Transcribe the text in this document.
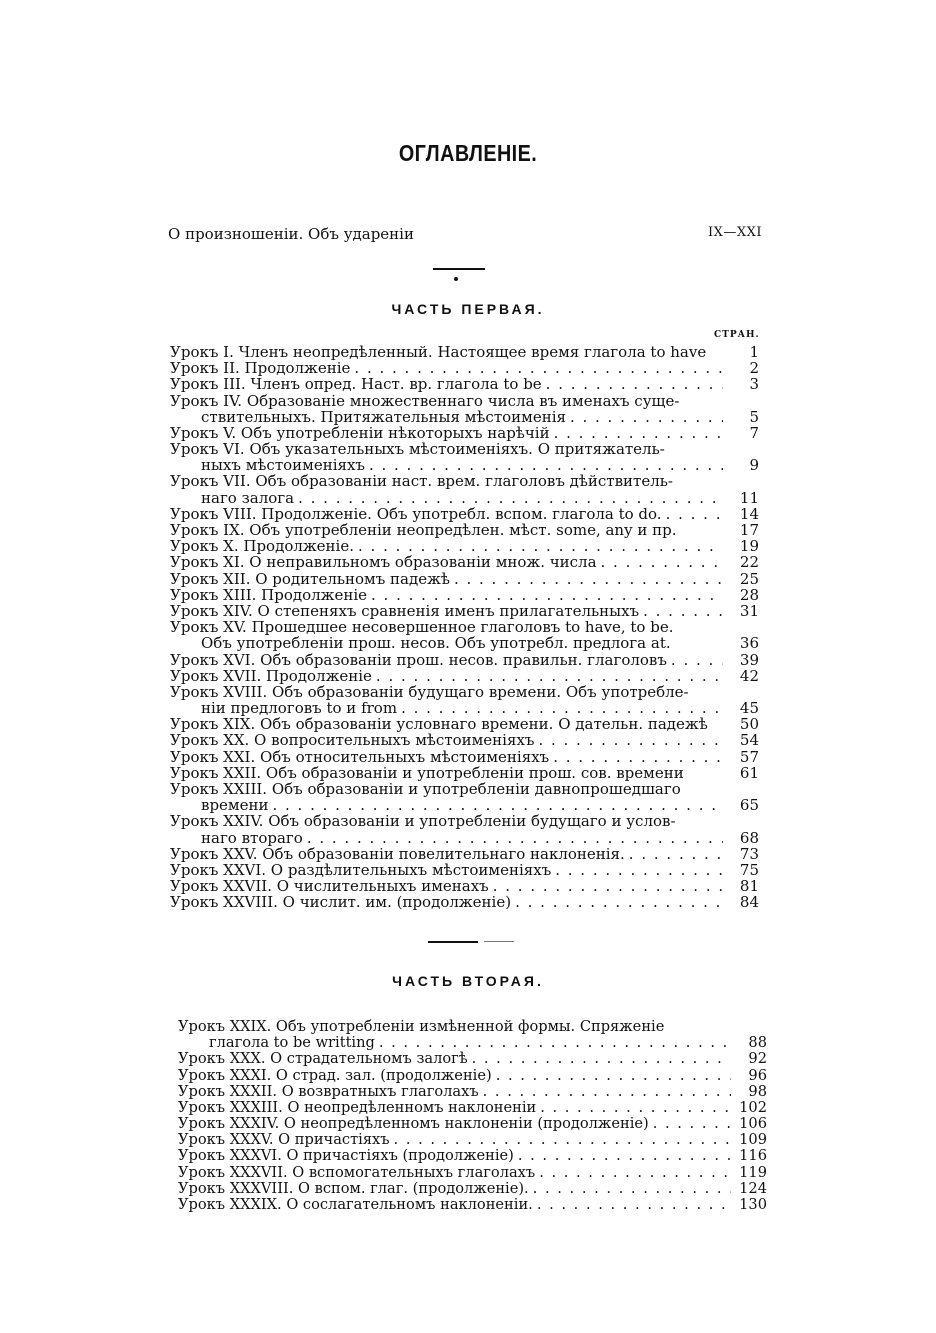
ОГЛАВЛЕНІЕ.
О произношеніи. Объ удареніи	IX—XXI
ЧАСТЬ ПЕРВАЯ.
СТРАН.
Урокъ I. Членъ неопредѣленный. Настоящее время глагола to have	1
Урокъ II. Продолженіе . . .	2
Урокъ III. Членъ опред. Наст. вр. глагола to be . . .	3
Урокъ IV. Образованіе множественнаго числа въ именахъ суще-
ствительныхъ. Притяжательныя мѣстоименія . . .	5
Урокъ V. Объ употребленіи нѣкоторыхъ нарѣчій . . .	7
Урокъ VI. Объ указательныхъ мѣстоименіяхъ. О притяжатель-
ныхъ мѣстоименіяхъ . . .	9
Урокъ VII. Объ образованіи наст. врем. глаголовъ дѣйствитель-
наго залога . . .	11
Урокъ VIII. Продолженіе. Объ употребл. вспом. глагола to do. . . .	14
Урокъ IX. Объ употребленіи неопредѣлен. мѣст. some, any и пр.	17
Урокъ X. Продолженіе. . . .	19
Урокъ XI. О неправильномъ образованіи множ. числа . . .	22
Урокъ XII. О родительномъ падежѣ . . .	25
Урокъ XIII. Продолженіе . . .	28
Урокъ XIV. О степеняхъ сравненія именъ прилагательныхъ . . .	31
Урокъ XV. Прошедшее несовершенное глаголовъ to have, to be.
Объ употребленіи прош. несов. Объ употребл. предлога at.	36
Урокъ XVI. Объ образованіи прош. несов. правильн. глаголовъ . . .	39
Урокъ XVII. Продолженіе . . .	42
Урокъ XVIII. Объ образованіи будущаго времени. Объ употребле-
ніи предлоговъ to и from . . .	45
Урокъ XIX. Объ образованіи условнаго времени. О дательн. падежѣ	50
Урокъ XX. О вопросительныхъ мѣстоименіяхъ . . .	54
Урокъ XXI. Объ относительныхъ мѣстоименіяхъ . . .	57
Урокъ XXII. Объ образованіи и употребленіи прош. сов. времени	61
Урокъ XXIII. Объ образованіи и употребленіи давнопрошедшаго
времени . . .	65
Урокъ XXIV. Объ образованіи и употребленіи будущаго и услов-
наго втораго . . .	68
Урокъ XXV. Объ образованіи повелительнаго наклоненія. . . .	73
Урокъ XXVI. О раздѣлительныхъ мѣстоименіяхъ . . .	75
Урокъ XXVII. О числительныхъ именахъ . . .	81
Урокъ XXVIII. О числит. им. (продолженіе) . . .	84
ЧАСТЬ ВТОРАЯ.
Урокъ XXIX. Объ употребленіи измѣненной формы. Спряженіе
глагола to be writting . . .	88
Урокъ XXX. О страдательномъ залогѣ . . .	92
Урокъ XXXI. О страд. зал. (продолженіе) . . .	96
Урокъ XXXII. О возвратныхъ глаголахъ . . .	98
Урокъ XXXIII. О неопредѣленномъ наклоненіи . . .	102
Урокъ XXXIV. О неопредѣленномъ наклоненіи (продолженіе) . . .	106
Урокъ XXXV. О причастіяхъ . . .	109
Урокъ XXXVI. О причастіяхъ (продолженіе) . . .	116
Урокъ XXXVII. О вспомогательныхъ глаголахъ . . .	119
Урокъ XXXVIII. О вспом. глаг. (продолженіе). . . .	124
Урокъ XXXIX. О сослагательномъ наклоненіи. . . .	130
